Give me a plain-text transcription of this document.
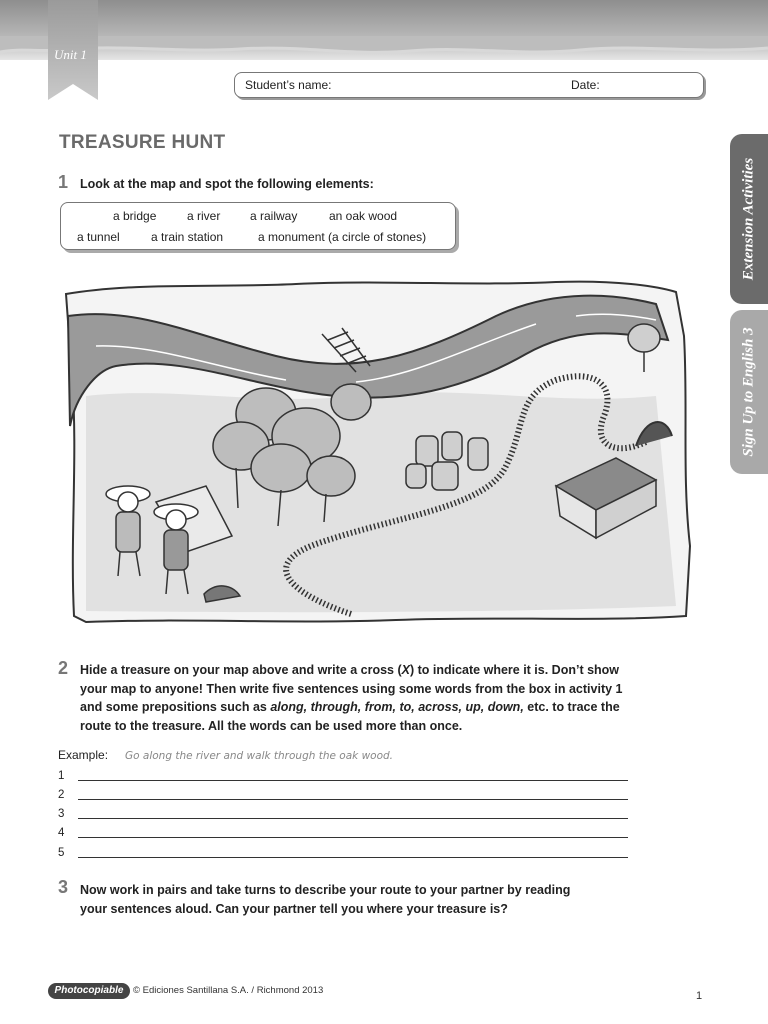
Unit 1
Student’s name:	Date:
Extension Activities
Sign Up to English 3
TREASURE HUNT
1 Look at the map and spot the following elements:
a bridge	a river a railway	an oak wood
a tunnel	a train station	a monument (a circle of stones)
2 Hide a treasure on your map above and write a cross (X) to indicate where it is. Don’t show
your map to anyone! Then write five sentences using some words from the box in activity 1
and some prepositions such as along, through, from, to, across, up, down, etc. to trace the
route to the treasure. All the words can be used more than once.
Example: Go along the river and walk through the oak wood.
1
2
3
4
5
3 Now work in pairs and take turns to describe your route to your partner by reading
your sentences aloud. Can your partner tell you where your treasure is?
Photocopiable	© Ediciones Santillana S.A. / Richmond 2013	1
